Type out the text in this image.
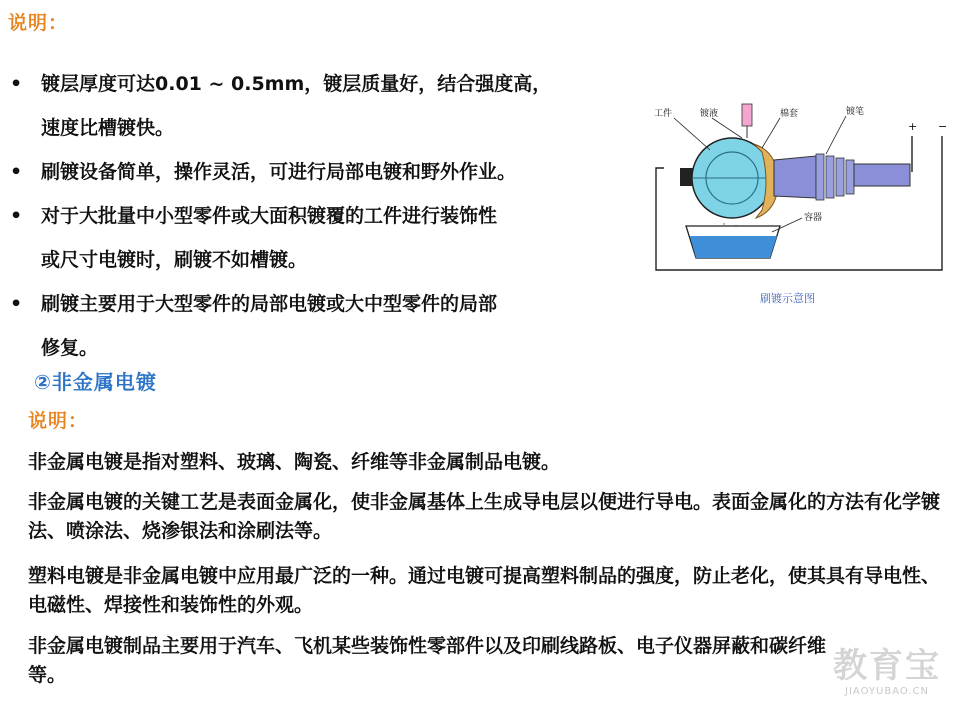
说明：
• 镀层厚度可达0.01 ~ 0.5mm，镀层质量好，结合强度高，
速度比槽镀快。
• 刷镀设备简单，操作灵活，可进行局部电镀和野外作业。
• 对于大批量中小型零件或大面积镀覆的工件进行装饰性
或尺寸电镀时，刷镀不如槽镀。
• 刷镀主要用于大型零件的局部电镀或大中型零件的局部
修复。
工件	镀液	棉套	镀笔
容器
+ −
刷镀示意图
②非金属电镀
说明：

非金属电镀是指对塑料、玻璃、陶瓷、纤维等非金属制品电镀。

非金属电镀的关键工艺是表面金属化，使非金属基体上生成导电层以便进行导电。表面金属化的方法有化学镀法、喷涂法、烧渗银法和涂刷法等。

塑料电镀是非金属电镀中应用最广泛的一种。通过电镀可提高塑料制品的强度，防止老化，使其具有导电性、电磁性、焊接性和装饰性的外观。

非金属电镀制品主要用于汽车、飞机某些装饰性零部件以及印刷线路板、电子仪器屏蔽和碳纤维等。	教育宝
JIAOYUBAO.CN
